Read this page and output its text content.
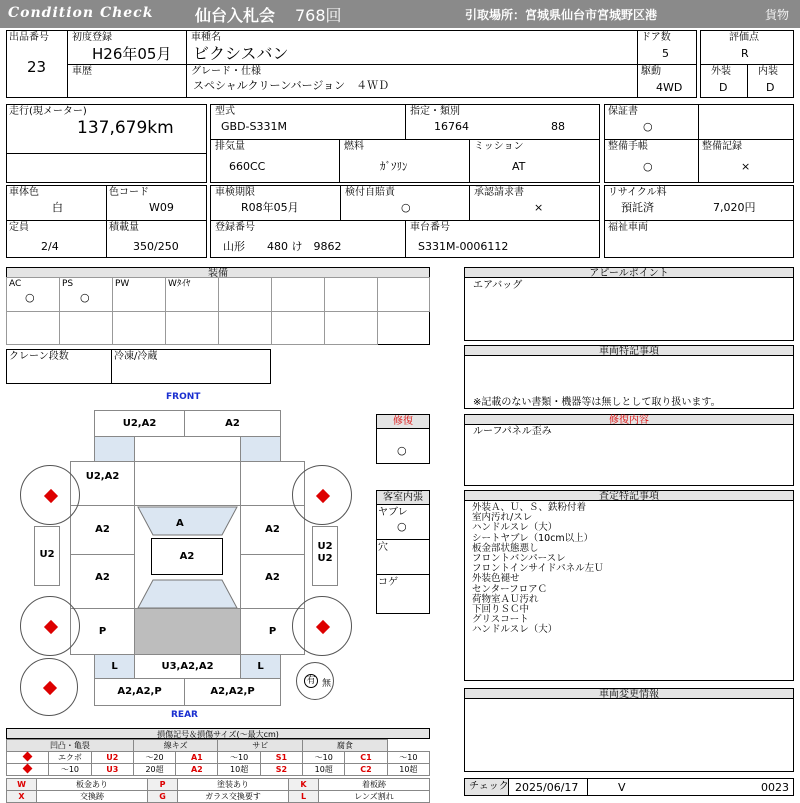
Condition Check	仙台入札会 768回	引取場所：宮城県仙台市宮城野区港	貨物
出品番号
23
初度登録
H26年05月
車種名
ビクシスバン
ドア数
5
評価点
R
車歴	グレード・仕様
スペシャルクリーンバージョン　４ＷＤ
駆動
4WD
外装
D
内装
D
走行(現メーター)
137,679km
型式
GBD-S331M
指定・類別
16764	88
保証書
○
排気量
660CC
燃料
ｶﾞｿﾘﾝ
ミッション
AT
整備手帳
○
整備記録
×
車体色
白
色コード
W09
車検期限
R08年05月
検付自賠責
○
承認請求書
×
リサイクル料
預託済	7,020円
定員
2/4
積載量
350/250
登録番号
山形　　480 け　9862
車台番号
S331M-0006112
福祉車両
装備
AC
○
PS
○
PW	Wﾀｲﾔ
クレーン段数	冷凍/冷蔵
アピールポイント
エアバッグ
車両特記事項
※記載のない書類・機器等は無しとして取り扱います。
修復内容
ルーフパネル歪み
査定特記事項
外装Ａ、Ｕ、Ｓ、鉄粉付着
室内汚れ/スレ
ハンドルスレ（大）
シートヤブレ（10cm以上）
板金部状態悪し
フロントバンパースレ
フロントインサイドパネル左Ｕ
外装色褪せ
センターフロアＣ
荷物室ＡＵ汚れ
下回りＳＣ中
グリスコート
ハンドルスレ（大）
車両変更情報
チェック 2025/06/17	V	0023
修復
○
客室内張
ヤブレ
○
穴
コゲ
FRONT
REAR
U2,A2	A2
U2,A2
A2	A2
A2	A2
A
A2
P	P
L	U3,A2,A2	L
A2,A2,P	A2,A2,P
U2
U2
U2
有 無
損傷記号＆損傷サイズ(～最大cm)
凹凸・亀裂			線キズ		サビ		腐食		
	エクボ	U2	～20	A1	～10	S1	～10	C1	～10
	～10	U3	20超	A2	10超	S2	10超	C2	10超
W	板金あり	P	塗装あり	K	着板跡
X	交換跡	G	ガラス交換要す	L	レンズ割れ
